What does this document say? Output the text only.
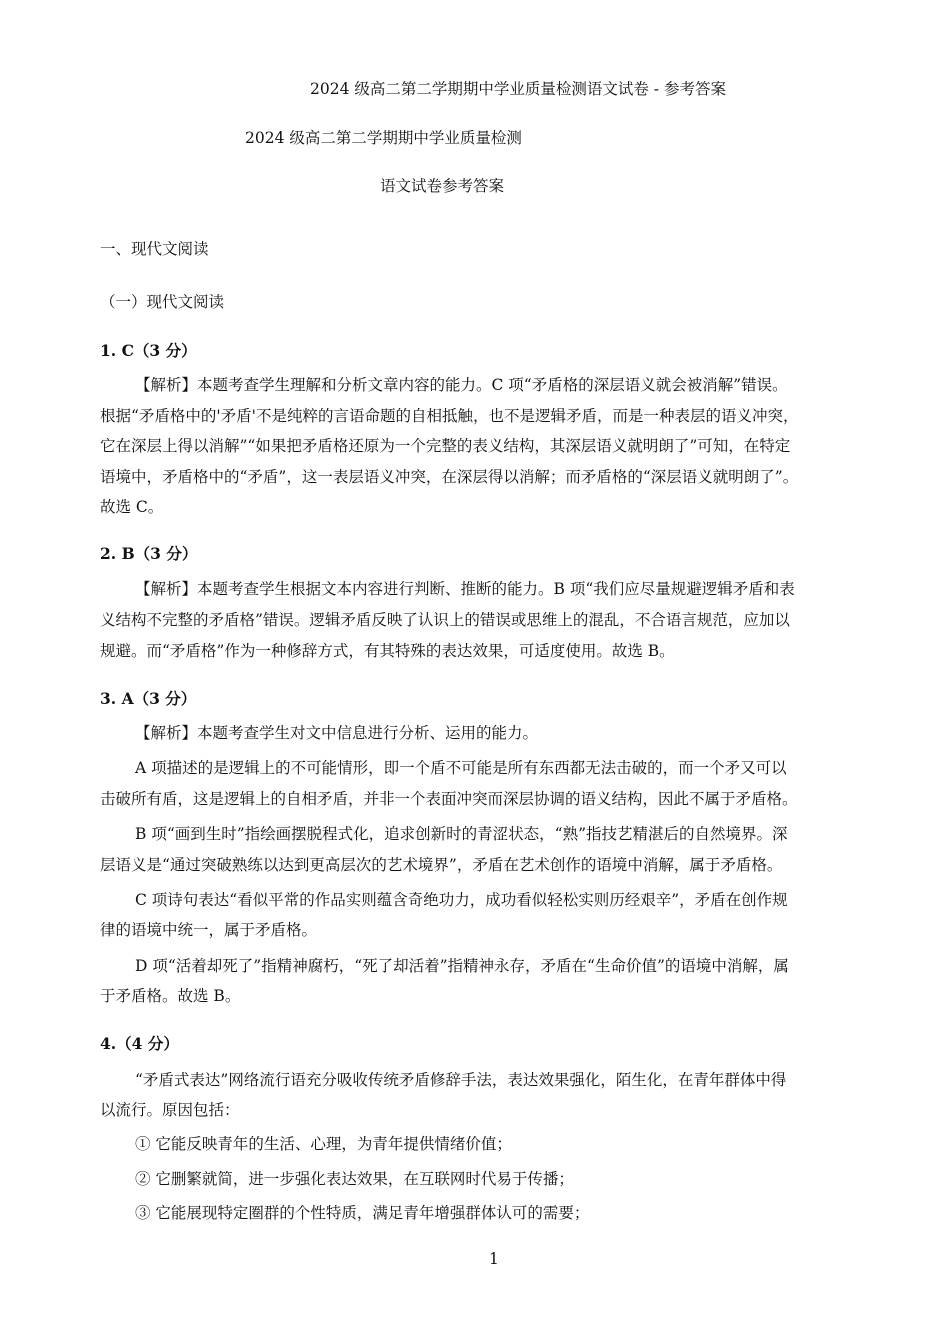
2024 级高二第二学期期中学业质量检测语文试卷 - 参考答案
2024 级高二第二学期期中学业质量检测
语文试卷参考答案
一、现代文阅读
（一）现代文阅读
1. C（3 分）
【解析】本题考查学生理解和分析文章内容的能力。C 项“矛盾格的深层语义就会被消解”错误。
根据“矛盾格中的'矛盾'不是纯粹的言语命题的自相抵触，也不是逻辑矛盾，而是一种表层的语义冲突，
它在深层上得以消解”“如果把矛盾格还原为一个完整的表义结构，其深层语义就明朗了”可知，在特定
语境中，矛盾格中的“矛盾”，这一表层语义冲突，在深层得以消解；而矛盾格的“深层语义就明朗了”。
故选 C。
2. B（3 分）
【解析】本题考查学生根据文本内容进行判断、推断的能力。B 项“我们应尽量规避逻辑矛盾和表
义结构不完整的矛盾格”错误。逻辑矛盾反映了认识上的错误或思维上的混乱，不合语言规范，应加以
规避。而“矛盾格”作为一种修辞方式，有其特殊的表达效果，可适度使用。故选 B。
3. A（3 分）
【解析】本题考查学生对文中信息进行分析、运用的能力。
A 项描述的是逻辑上的不可能情形，即一个盾不可能是所有东西都无法击破的，而一个矛又可以
击破所有盾，这是逻辑上的自相矛盾，并非一个表面冲突而深层协调的语义结构，因此不属于矛盾格。
B 项“画到生时”指绘画摆脱程式化，追求创新时的青涩状态，“熟”指技艺精湛后的自然境界。深
层语义是“通过突破熟练以达到更高层次的艺术境界”，矛盾在艺术创作的语境中消解，属于矛盾格。
C 项诗句表达“看似平常的作品实则蕴含奇绝功力，成功看似轻松实则历经艰辛”，矛盾在创作规
律的语境中统一，属于矛盾格。
D 项“活着却死了”指精神腐朽，“死了却活着”指精神永存，矛盾在“生命价值”的语境中消解，属
于矛盾格。故选 B。
4.（4 分）
“矛盾式表达”网络流行语充分吸收传统矛盾修辞手法，表达效果强化，陌生化，在青年群体中得
以流行。原因包括：
① 它能反映青年的生活、心理，为青年提供情绪价值；
② 它删繁就简，进一步强化表达效果，在互联网时代易于传播；
③ 它能展现特定圈群的个性特质，满足青年增强群体认可的需要；
1
